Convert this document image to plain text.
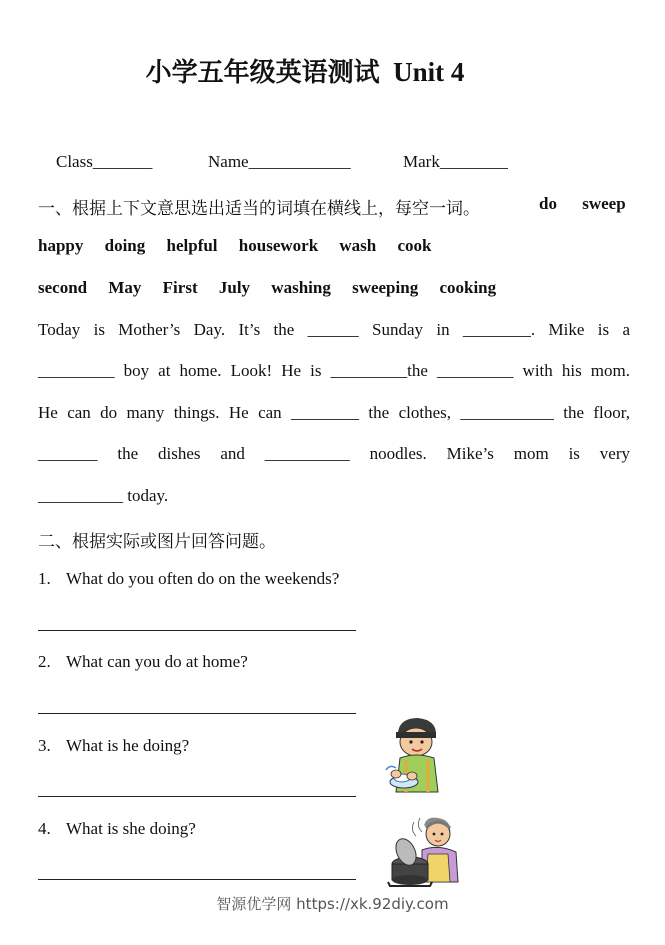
小学五年级英语测试 Unit 4
Class_______	Name____________	Mark________
一、根据上下文意思选出适当的词填在横线上，每空一词。	do sweep
happy doing helpful housework wash cook
second May First July washing sweeping cooking
Today is Mother’s Day. It’s the ______ Sunday in ________. Mike is a
_________ boy at home. Look! He is _________the _________ with his mom.
He can do many things. He can ________ the clothes, ___________ the floor,
_______ the dishes and __________ noodles. Mike’s mom is very
__________ today.
二、根据实际或图片回答问题。
1. What do you often do on the weekends?
2. What can you do at home?
3. What is he doing?
4. What is she doing?
智源优学网 https://xk.92diy.com
